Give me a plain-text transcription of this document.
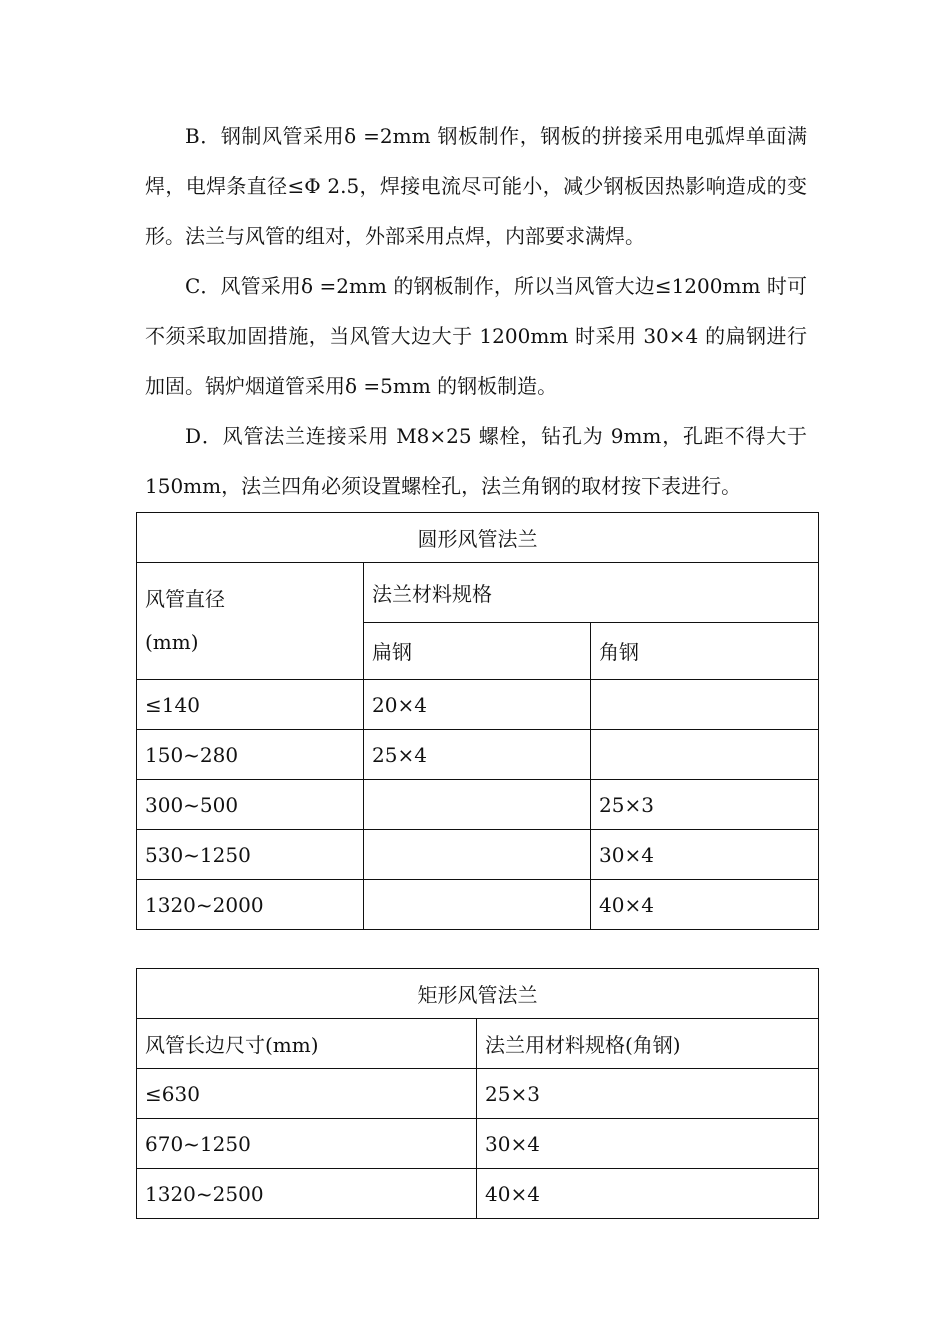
B．钢制风管采用δ =2mm 钢板制作，钢板的拼接采用电弧焊单面满焊，电焊条直径≤Φ 2.5，焊接电流尽可能小，减少钢板因热影响造成的变形。法兰与风管的组对，外部采用点焊，内部要求满焊。

C．风管采用δ =2mm 的钢板制作，所以当风管大边≤1200mm 时可不须采取加固措施，当风管大边大于 1200mm 时采用 30×4 的扁钢进行加固。锅炉烟道管采用δ =5mm 的钢板制造。

D．风管法兰连接采用 M8×25 螺栓，钻孔为 9mm，孔距不得大于 150mm，法兰四角必须设置螺栓孔，法兰角钢的取材按下表进行。

圆形风管法兰		
风管直径	法兰材料规格	
(mm)	扁钢	角钢
≤140	20×4	
150~280	25×4	
300~500		25×3
530~1250		30×4
1320~2000		40×4
矩形风管法兰	
风管长边尺寸(mm)	法兰用材料规格(角钢)
≤630	25×3
670~1250	30×4
1320~2500	40×4
